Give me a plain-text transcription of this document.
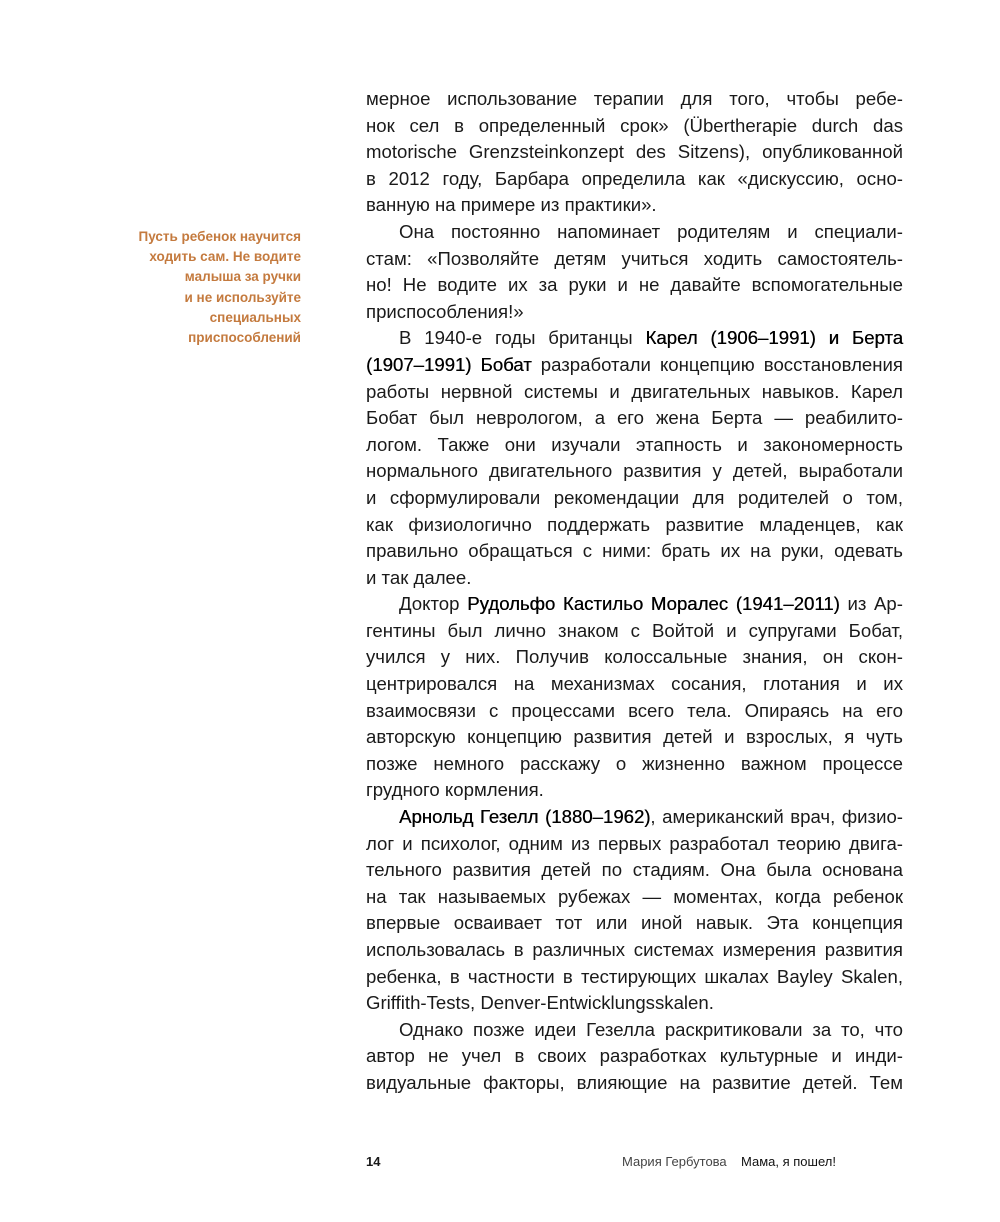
Пусть ребенок научится
ходить сам. Не водите
малыша за ручки
и не используйте
специальных
приспособлений
мерное использование терапии для того, чтобы ребе-
нок сел в определенный срок» (Übertherapie durch das
motorische Grenzsteinkonzept des Sitzens), опубликованной
в 2012 году, Барбара определила как «дискуссию, осно-
ванную на примере из практики».
Она постоянно напоминает родителям и специали-
стам: «Позволяйте детям учиться ходить самостоятель-
но! Не водите их за руки и не давайте вспомогательные
приспособления!»
В 1940-е годы британцы Карел (1906–1991) и Берта
(1907–1991) Бобат разработали концепцию восстановления
работы нервной системы и двигательных навыков. Карел
Бобат был неврологом, а его жена Берта — реабилито-
логом. Также они изучали этапность и закономерность
нормального двигательного развития у детей, выработали
и сформулировали рекомендации для родителей о том,
как физиологично поддержать развитие младенцев, как
правильно обращаться с ними: брать их на руки, одевать
и так далее.
Доктор Рудольфо Кастильо Моралес (1941–2011) из Ар-
гентины был лично знаком с Войтой и супругами Бобат,
учился у них. Получив колоссальные знания, он скон-
центрировался на механизмах сосания, глотания и их
взаимосвязи с процессами всего тела. Опираясь на его
авторскую концепцию развития детей и взрослых, я чуть
позже немного расскажу о жизненно важном процессе
грудного кормления.
Арнольд Гезелл (1880–1962), американский врач, физио-
лог и психолог, одним из первых разработал теорию двига-
тельного развития детей по стадиям. Она была основана
на так называемых рубежах — моментах, когда ребенок
впервые осваивает тот или иной навык. Эта концепция
использовалась в различных системах измерения развития
ребенка, в частности в тестирующих шкалах Bayley Skalen,
Griffith-Tests, Denver-Entwicklungsskalen.
Однако позже идеи Гезелла раскритиковали за то, что
автор не учел в своих разработках культурные и инди-
видуальные факторы, влияющие на развитие детей. Тем
14	Мария Гербутова Мама, я пошел!
